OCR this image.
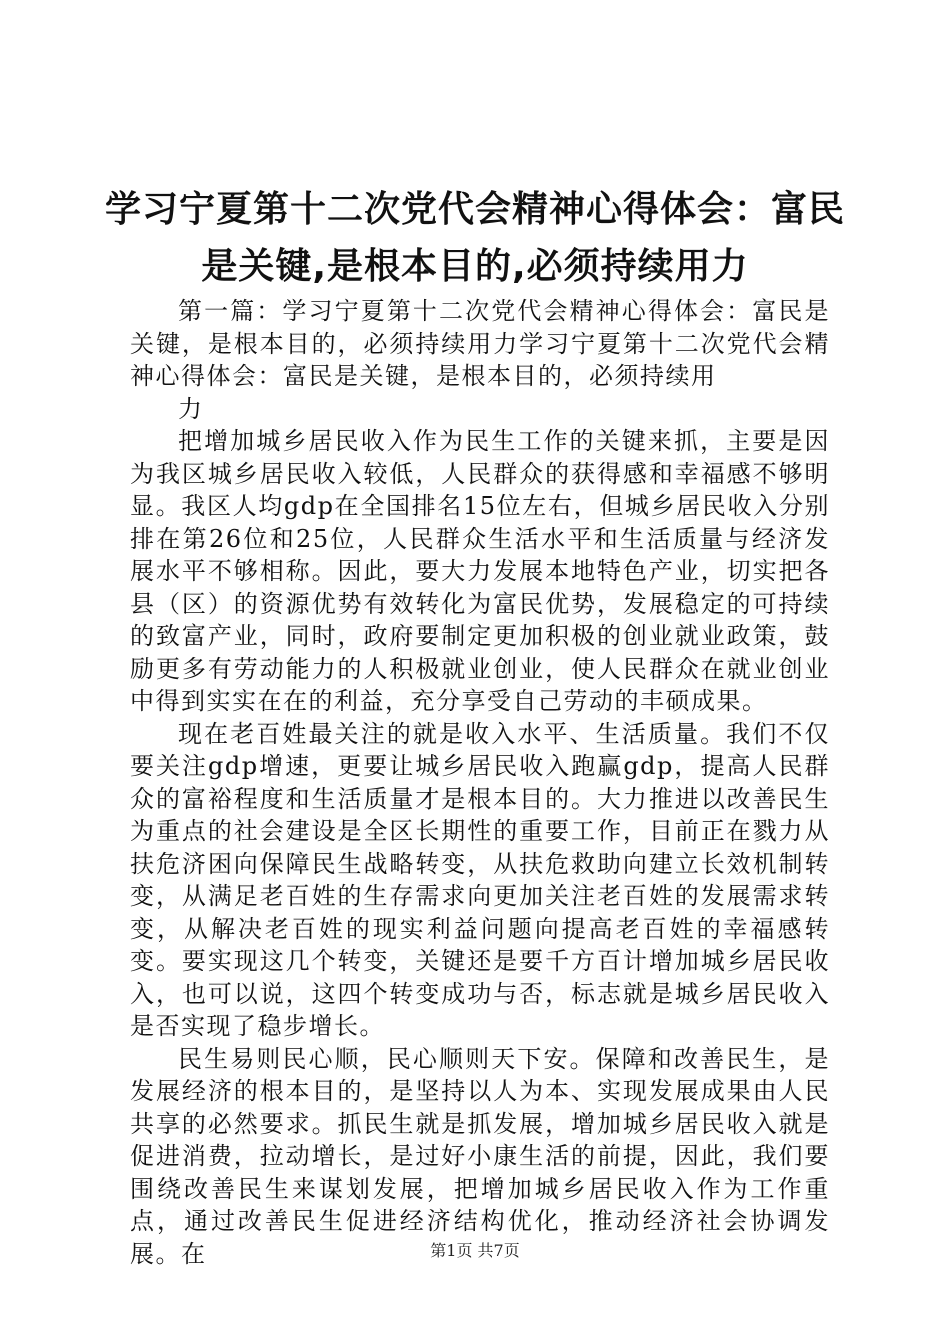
学习宁夏第十二次党代会精神心得体会：富民
是关键,是根本目的,必须持续用力

第一篇：学习宁夏第十二次党代会精神心得体会：富民是关键，是根本目的，必须持续用力学习宁夏第十二次党代会精神心得体会：富民是关键，是根本目的，必须持续用

力

把增加城乡居民收入作为民生工作的关键来抓，主要是因为我区城乡居民收入较低，人民群众的获得感和幸福感不够明显。我区人均gdp在全国排名15位左右，但城乡居民收入分别排在第26位和25位，人民群众生活水平和生活质量与经济发展水平不够相称。因此，要大力发展本地特色产业，切实把各县（区）的资源优势有效转化为富民优势，发展稳定的可持续的致富产业，同时，政府要制定更加积极的创业就业政策，鼓励更多有劳动能力的人积极就业创业，使人民群众在就业创业中得到实实在在的利益，充分享受自己劳动的丰硕成果。

现在老百姓最关注的就是收入水平、生活质量。我们不仅要关注gdp增速，更要让城乡居民收入跑赢gdp，提高人民群众的富裕程度和生活质量才是根本目的。大力推进以改善民生为重点的社会建设是全区长期性的重要工作，目前正在戮力从扶危济困向保障民生战略转变，从扶危救助向建立长效机制转变，从满足老百姓的生存需求向更加关注老百姓的发展需求转变，从解决老百姓的现实利益问题向提高老百姓的幸福感转变。要实现这几个转变，关键还是要千方百计增加城乡居民收入，也可以说，这四个转变成功与否，标志就是城乡居民收入是否实现了稳步增长。

民生易则民心顺，民心顺则天下安。保障和改善民生，是发展经济的根本目的，是坚持以人为本、实现发展成果由人民共享的必然要求。抓民生就是抓发展，增加城乡居民收入就是促进消费，拉动增长，是过好小康生活的前提，因此，我们要围绕改善民生来谋划发展，把增加城乡居民收入作为工作重点，通过改善民生促进经济结构优化，推动经济社会协调发展。在	第1页 共7页
